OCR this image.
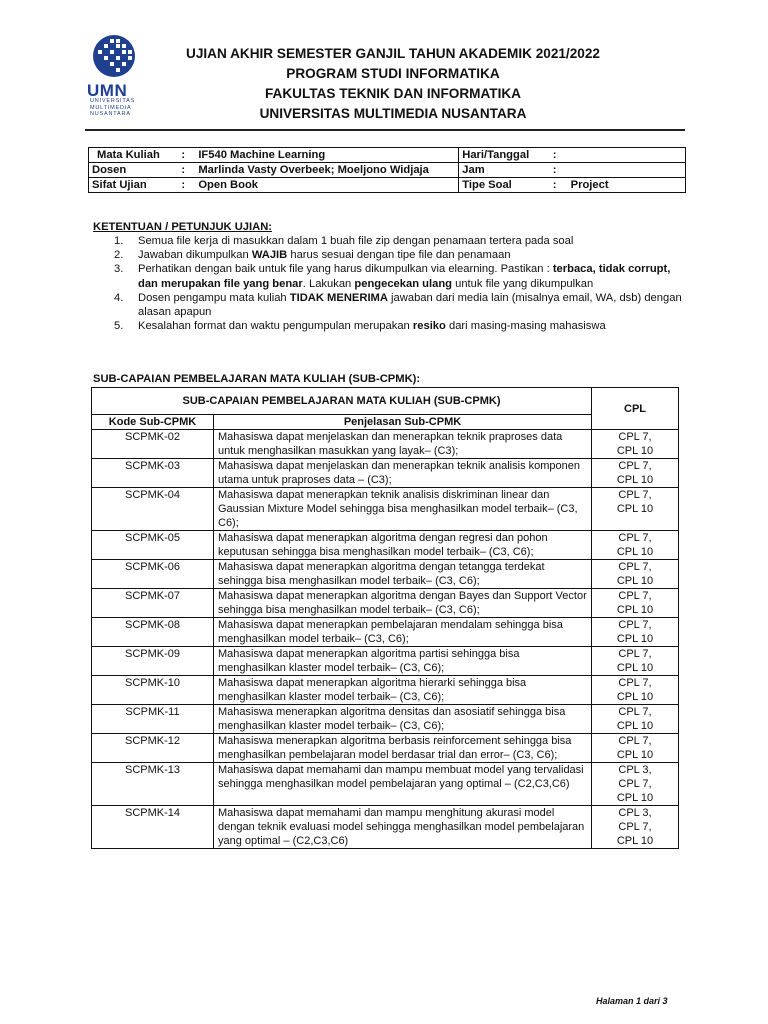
UMN
UNIVERSITAS
MULTIMEDIA
NUSANTARA
UJIAN AKHIR SEMESTER GANJIL TAHUN AKADEMIK 2021/2022
PROGRAM STUDI INFORMATIKA
FAKULTAS TEKNIK DAN INFORMATIKA
UNIVERSITAS MULTIMEDIA NUSANTARA
Mata Kuliah	:	IF540 Machine Learning	Hari/Tanggal	:	
Dosen	:	Marlinda Vasty Overbeek; Moeljono Widjaja	Jam	:	
Sifat Ujian	:	Open Book	Tipe Soal	:	Project
KETENTUAN / PETUNJUK UJIAN:
1. Semua file kerja di masukkan dalam 1 buah file zip dengan penamaan tertera pada soal
2. Jawaban dikumpulkan WAJIB harus sesuai dengan tipe file dan penamaan
3. Perhatikan dengan baik untuk file yang harus dikumpulkan via elearning. Pastikan : terbaca, tidak corrupt, dan merupakan file yang benar. Lakukan pengecekan ulang untuk file yang dikumpulkan
4. Dosen pengampu mata kuliah TIDAK MENERIMA jawaban dari media lain (misalnya email, WA, dsb) dengan alasan apapun
5. Kesalahan format dan waktu pengumpulan merupakan resiko dari masing-masing mahasiswa
SUB-CAPAIAN PEMBELAJARAN MATA KULIAH (SUB-CPMK):
SUB-CAPAIAN PEMBELAJARAN MATA KULIAH (SUB-CPMK)		CPL
Kode Sub-CPMK	Penjelasan Sub-CPMK	
SCPMK-02	Mahasiswa dapat menjelaskan dan menerapkan teknik praproses data untuk menghasilkan masukkan yang layak– (C3);	CPL 7,
CPL 10

SCPMK-03	Mahasiswa dapat menjelaskan dan menerapkan teknik analisis komponen utama untuk praproses data – (C3);	CPL 7,
CPL 10

SCPMK-04	Mahasiswa dapat menerapkan teknik analisis diskriminan linear dan Gaussian Mixture Model sehingga bisa menghasilkan model terbaik– (C3, C6);	CPL 7,
CPL 10

SCPMK-05	Mahasiswa dapat menerapkan algoritma dengan regresi dan pohon keputusan sehingga bisa menghasilkan model terbaik– (C3, C6);	CPL 7,
CPL 10

SCPMK-06	Mahasiswa dapat menerapkan algoritma dengan tetangga terdekat sehingga bisa menghasilkan model terbaik– (C3, C6);	CPL 7,
CPL 10

SCPMK-07	Mahasiswa dapat menerapkan algoritma dengan Bayes dan Support Vector sehingga bisa menghasilkan model terbaik– (C3, C6);	CPL 7,
CPL 10

SCPMK-08	Mahasiswa dapat menerapkan pembelajaran mendalam sehingga bisa menghasilkan model terbaik– (C3, C6);	CPL 7,
CPL 10

SCPMK-09	Mahasiswa dapat menerapkan algoritma partisi sehingga bisa menghasilkan klaster model terbaik– (C3, C6);	CPL 7,
CPL 10

SCPMK-10	Mahasiswa dapat menerapkan algoritma hierarki sehingga bisa menghasilkan klaster model terbaik– (C3, C6);	CPL 7,
CPL 10

SCPMK-11	Mahasiswa menerapkan algoritma densitas dan asosiatif sehingga bisa menghasilkan klaster model terbaik– (C3, C6);	CPL 7,
CPL 10

SCPMK-12	Mahasiswa menerapkan algoritma berbasis reinforcement sehingga bisa menghasilkan pembelajaran model berdasar trial dan error– (C3, C6);	CPL 7,
CPL 10

SCPMK-13	Mahasiswa dapat memahami dan mampu membuat model yang tervalidasi sehingga menghasilkan model pembelajaran yang optimal – (C2,C3,C6)	CPL 3,
CPL 7,
CPL 10

SCPMK-14	Mahasiswa dapat memahami dan mampu menghitung akurasi model dengan teknik evaluasi model sehingga menghasilkan model pembelajaran yang optimal – (C2,C3,C6)	CPL 3,
CPL 7,
CPL 10
Halaman 1 dari 3
